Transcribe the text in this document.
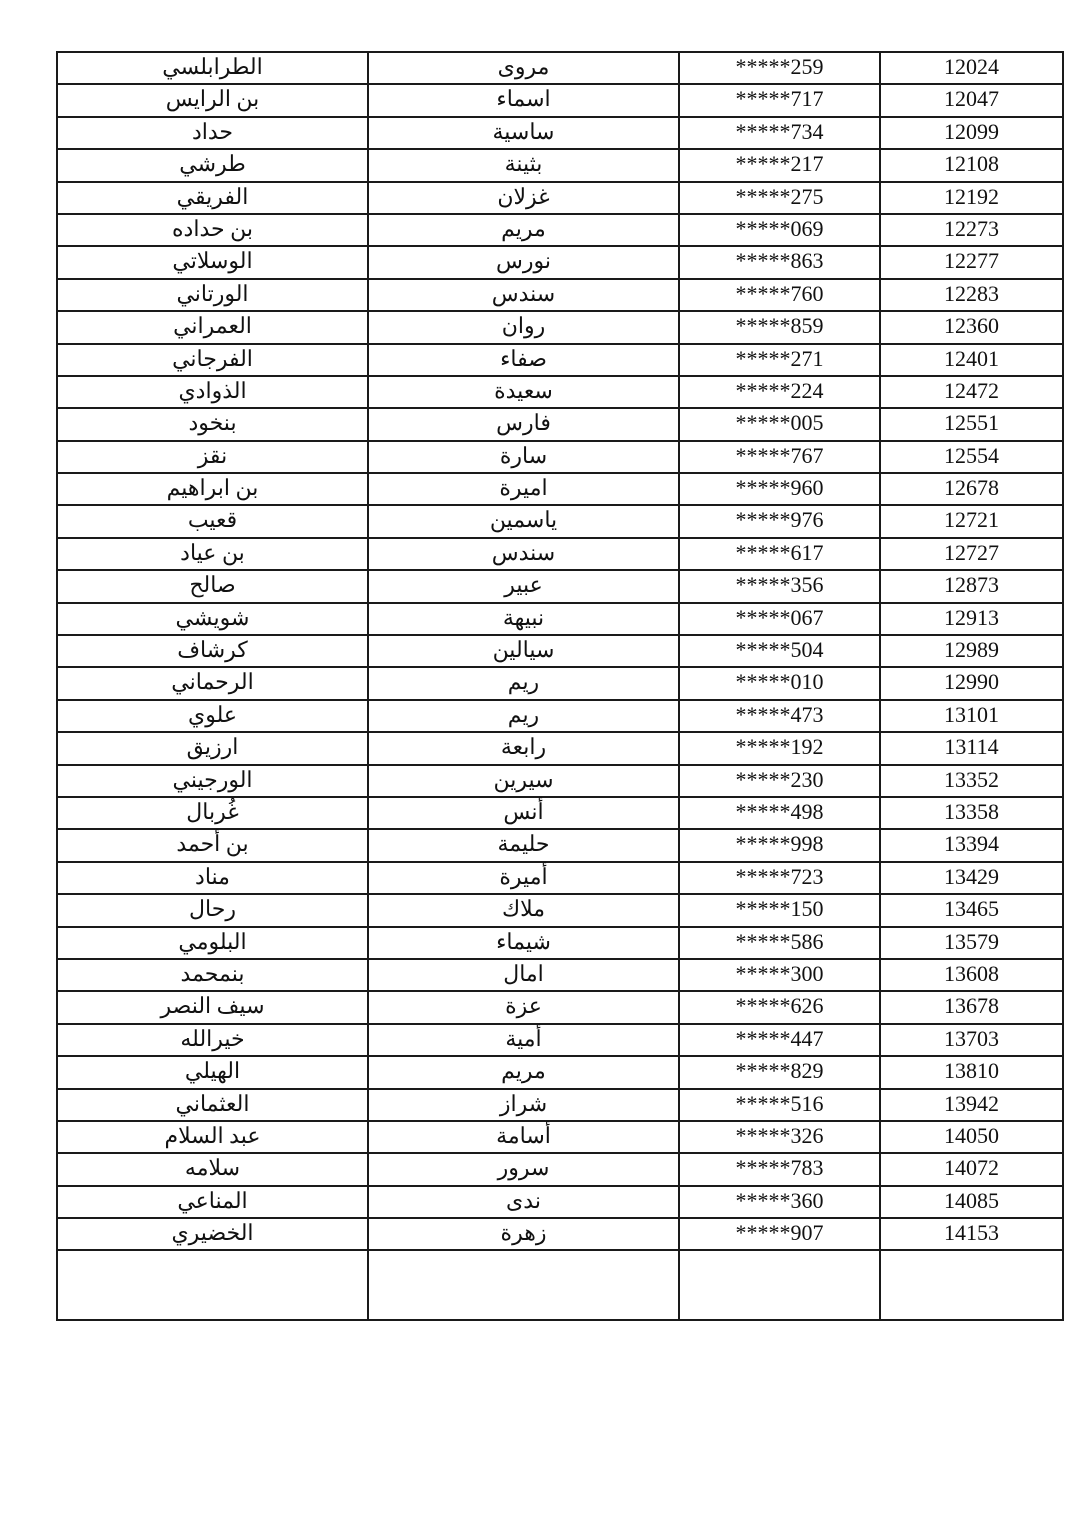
الطرابلسي	مروى	*****259	12024
بن الرايس	اسماء	*****717	12047
حداد	ساسية	*****734	12099
طرشي	بثينة	*****217	12108
الفريقي	غزلان	*****275	12192
بن حداده	مريم	*****069	12273
الوسلاتي	نورس	*****863	12277
الورتاني	سندس	*****760	12283
العمراني	روان	*****859	12360
الفرجاني	صفاء	*****271	12401
الذوادي	سعيدة	*****224	12472
بنخود	فارس	*****005	12551
نقز	سارة	*****767	12554
بن ابراهيم	اميرة	*****960	12678
قعيب	ياسمين	*****976	12721
بن عياد	سندس	*****617	12727
صالح	عبير	*****356	12873
شويشي	نبيهة	*****067	12913
كرشاف	سيالين	*****504	12989
الرحماني	ريم	*****010	12990
علوي	ريم	*****473	13101
ارزيق	رابعة	*****192	13114
الورجيني	سيرين	*****230	13352
غُربال	أنس	*****498	13358
بن أحمد	حليمة	*****998	13394
مناد	أميرة	*****723	13429
رحال	ملاك	*****150	13465
البلومي	شيماء	*****586	13579
بنمحمد	امال	*****300	13608
سيف النصر	عزة	*****626	13678
خيرالله	أمية	*****447	13703
الهيلي	مريم	*****829	13810
العثماني	شراز	*****516	13942
عبد السلام	أسامة	*****326	14050
سلامه	سرور	*****783	14072
المناعي	ندى	*****360	14085
الخضيري	زهرة	*****907	14153
